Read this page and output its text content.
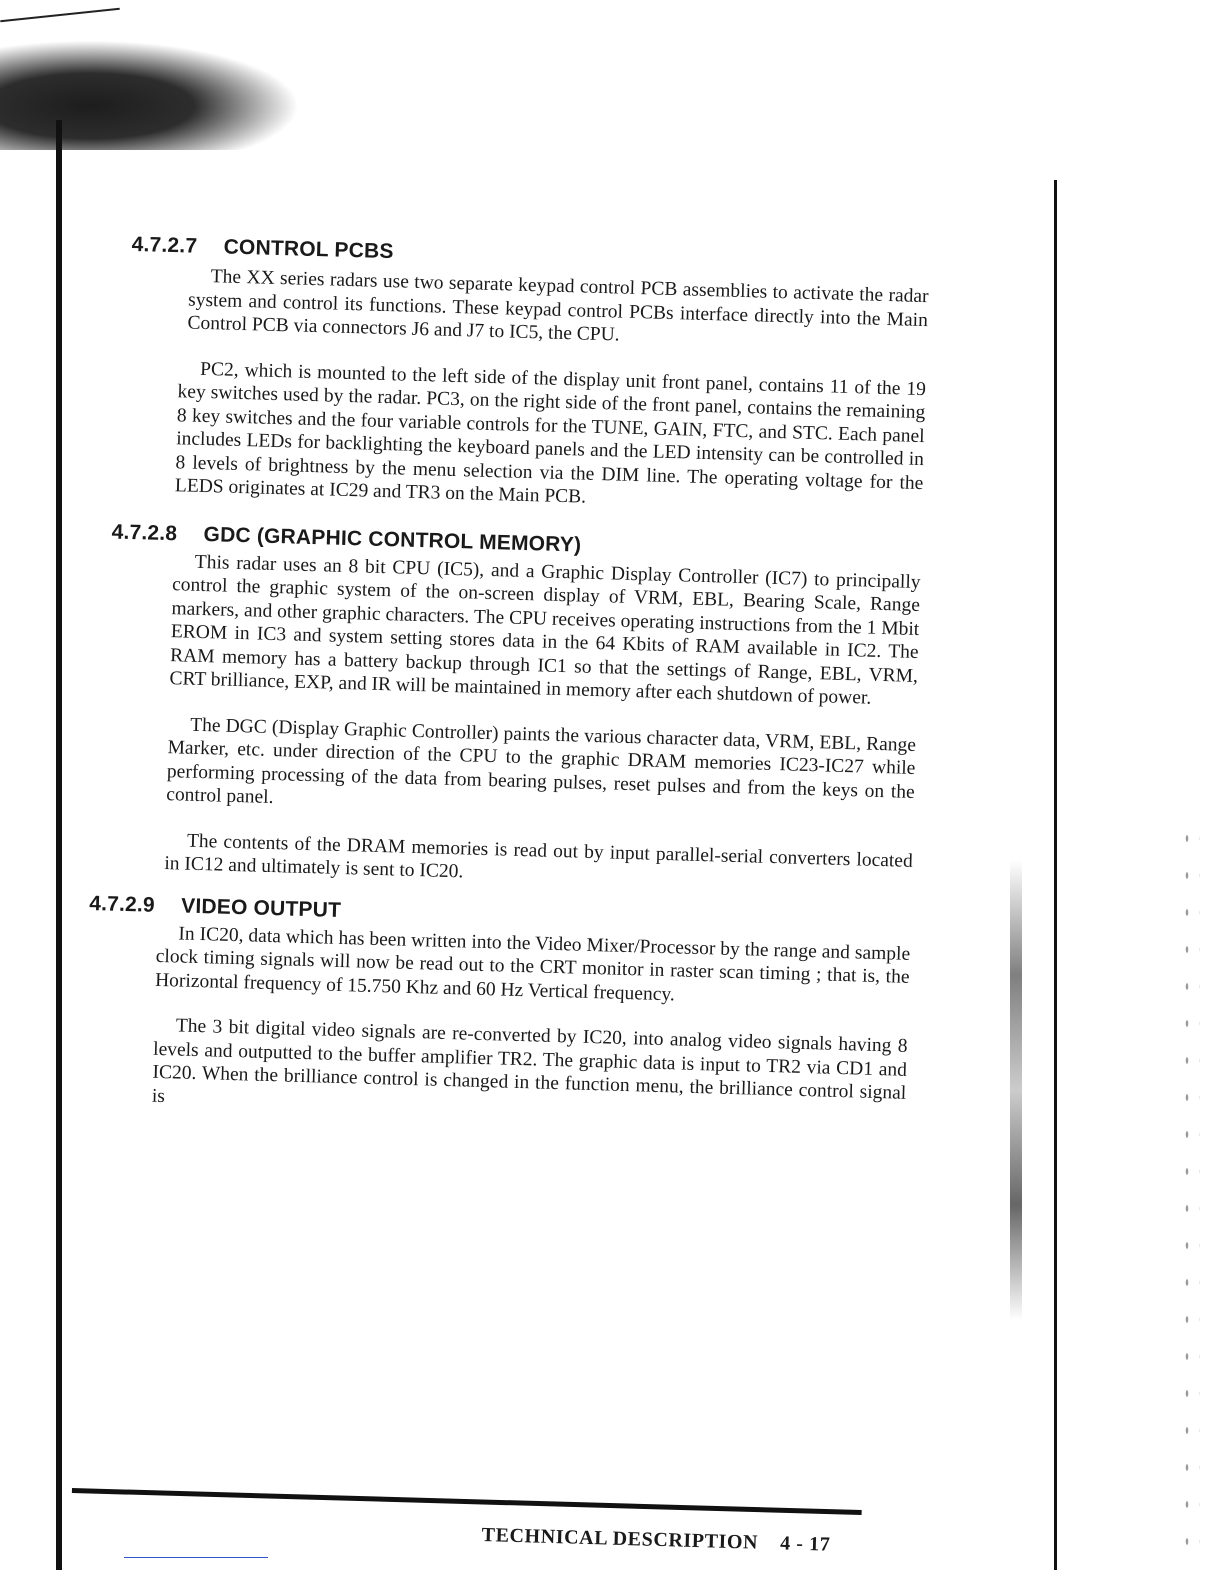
4.7.2.7	CONTROL PCBS

The XX series radars use two separate keypad control PCB assemblies to activate the radar system and control its functions. These keypad control PCBs interface directly into the Main Control PCB via connectors J6 and J7 to IC5, the CPU.

PC2, which is mounted to the left side of the display unit front panel, contains 11 of the 19 key switches used by the radar. PC3, on the right side of the front panel, contains the remaining 8 key switches and the four variable controls for the TUNE, GAIN, FTC, and STC. Each panel includes LEDs for backlighting the keyboard panels and the LED intensity can be controlled in 8 levels of brightness by the menu selection via the DIM line. The operating voltage for the LEDS originates at IC29 and TR3 on the Main PCB.

4.7.2.8	GDC (GRAPHIC CONTROL MEMORY)

This radar uses an 8 bit CPU (IC5), and a Graphic Display Controller (IC7) to principally control the graphic system of the on-screen display of VRM, EBL, Bearing Scale, Range markers, and other graphic characters. The CPU receives operating instructions from the 1 Mbit EROM in IC3 and system setting stores data in the 64 Kbits of RAM available in IC2. The RAM memory has a battery backup through IC1 so that the settings of Range, EBL, VRM, CRT brilliance, EXP, and IR will be maintained in memory after each shutdown of power.

The DGC (Display Graphic Controller) paints the various character data, VRM, EBL, Range Marker, etc. under direction of the CPU to the graphic DRAM memories IC23-IC27 while performing processing of the data from bearing pulses, reset pulses and from the keys on the control panel.

The contents of the DRAM memories is read out by input parallel-serial converters located in IC12 and ultimately is sent to IC20.

4.7.2.9	VIDEO OUTPUT

In IC20, data which has been written into the Video Mixer/Processor by the range and sample clock timing signals will now be read out to the CRT monitor in raster scan timing ; that is, the Horizontal frequency of 15.750 Khz and 60 Hz Vertical frequency.

The 3 bit digital video signals are re-converted by IC20, into analog video signals having 8 levels and outputted to the buffer amplifier TR2. The graphic data is input to TR2 via CD1 and IC20. When the brilliance control is changed in the function menu, the brilliance control signal is

TECHNICAL DESCRIPTION 4 - 17
